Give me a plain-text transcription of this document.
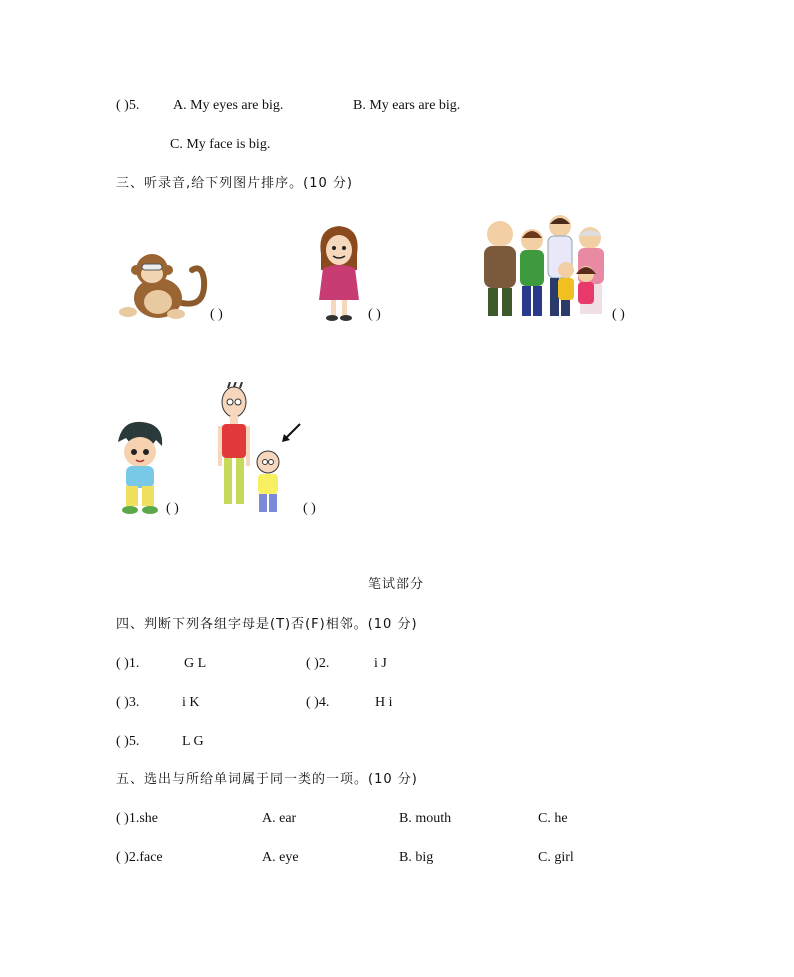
( )5. A. My eyes are big.	B. My ears are big.
C. My face is big.
三、听录音,给下列图片排序。(10 分)
( )	( )	( )
( )	( )
笔试部分
四、判断下列各组字母是(T)否(F)相邻。(10 分)
( )1.	G L	( )2.	i J
( )3.	i K	( )4.	H i
( )5.	L G
五、选出与所给单词属于同一类的一项。(10 分)
( )1.she	A. ear	B. mouth	C. he
( )2.face	A. eye	B. big	C. girl
